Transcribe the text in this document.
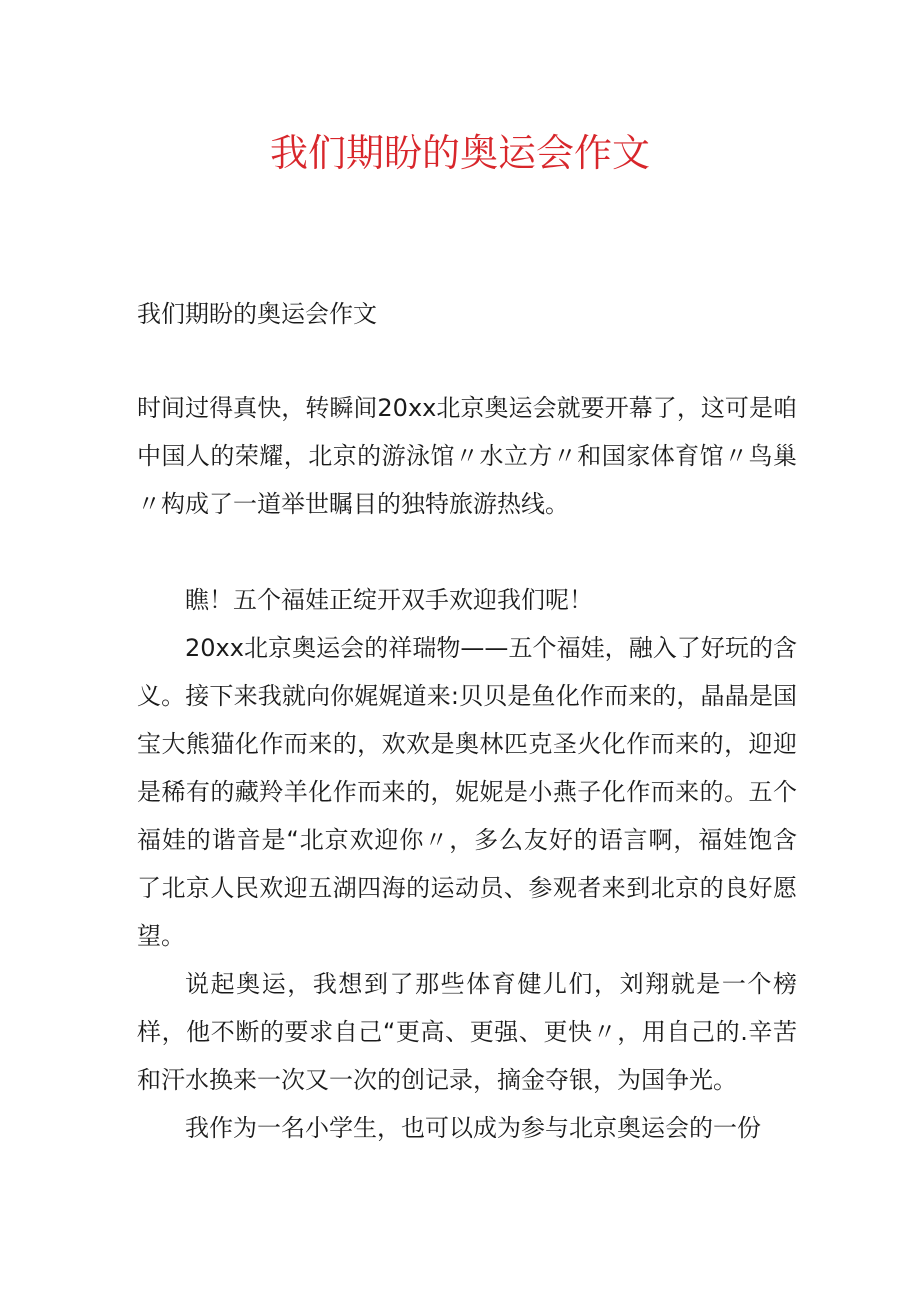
我们期盼的奥运会作文

我们期盼的奥运会作文

时间过得真快，转瞬间20xx北京奥运会就要开幕了，这可是咱中国人的荣耀，北京的游泳馆〃水立方〃和国家体育馆〃鸟巢〃构成了一道举世瞩目的独特旅游热线。

瞧！五个福娃正绽开双手欢迎我们呢！

20xx北京奥运会的祥瑞物——五个福娃，融入了好玩的含义。接下来我就向你娓娓道来:贝贝是鱼化作而来的，晶晶是国宝大熊猫化作而来的，欢欢是奥林匹克圣火化作而来的，迎迎是稀有的藏羚羊化作而来的，妮妮是小燕子化作而来的。五个福娃的谐音是“北京欢迎你〃，多么友好的语言啊，福娃饱含了北京人民欢迎五湖四海的运动员、参观者来到北京的良好愿望。

说起奥运，我想到了那些体育健儿们，刘翔就是一个榜样，他不断的要求自己“更高、更强、更快〃，用自己的.辛苦和汗水换来一次又一次的创记录，摘金夺银，为国争光。

我作为一名小学生，也可以成为参与北京奥运会的一份
